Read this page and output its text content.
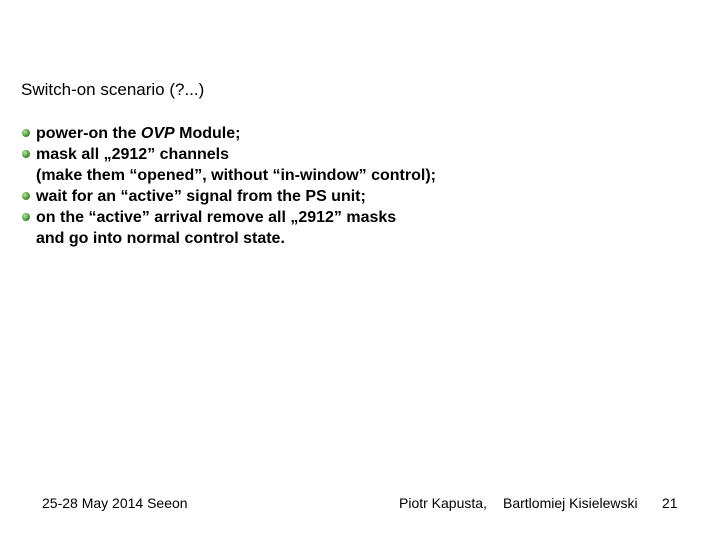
Switch-on scenario (?...)
power-on the OVP Module;
mask all „2912” channels
(make them “opened”, without “in-window” control);
wait for an “active” signal from the PS unit;
on the “active” arrival remove all „2912” masks
and go into normal control state.
25-28 May 2014 Seeon	Piotr Kapusta, Bartlomiej Kisielewski 21
